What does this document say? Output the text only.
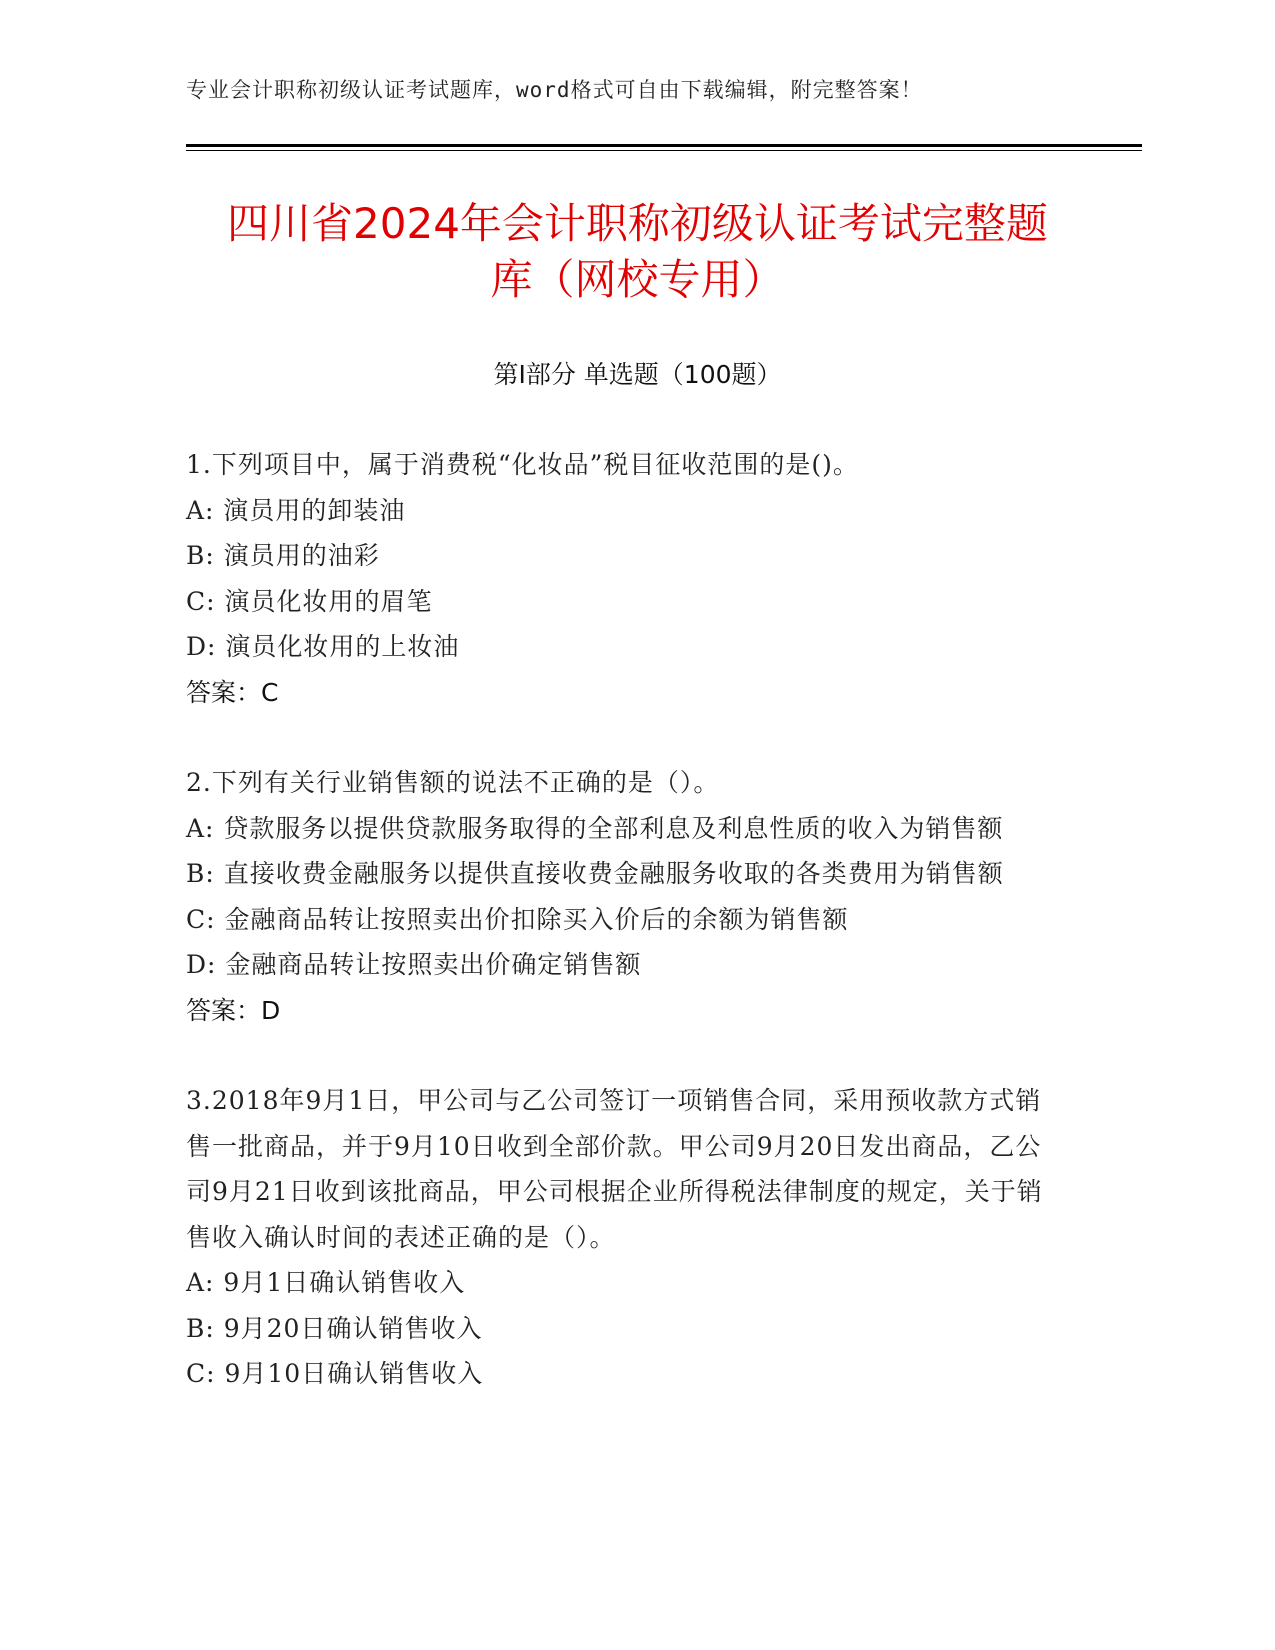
专业会计职称初级认证考试题库，word格式可自由下载编辑，附完整答案！
四川省2024年会计职称初级认证考试完整题
库（网校专用）
第Ⅰ部分 单选题（100题）

1.下列项目中，属于消费税“化妆品”税目征收范围的是()。

A: 演员用的卸装油

B: 演员用的油彩

C: 演员化妆用的眉笔

D: 演员化妆用的上妆油

答案：C

2.下列有关行业销售额的说法不正确的是（）。

A: 贷款服务以提供贷款服务取得的全部利息及利息性质的收入为销售额

B: 直接收费金融服务以提供直接收费金融服务收取的各类费用为销售额

C: 金融商品转让按照卖出价扣除买入价后的余额为销售额

D: 金融商品转让按照卖出价确定销售额

答案：D

3.2018年9月1日，甲公司与乙公司签订一项销售合同，采用预收款方式销售一批商品，并于9月10日收到全部价款。甲公司9月20日发出商品，乙公司9月21日收到该批商品，甲公司根据企业所得税法律制度的规定，关于销售收入确认时间的表述正确的是（）。

A: 9月1日确认销售收入

B: 9月20日确认销售收入

C: 9月10日确认销售收入
